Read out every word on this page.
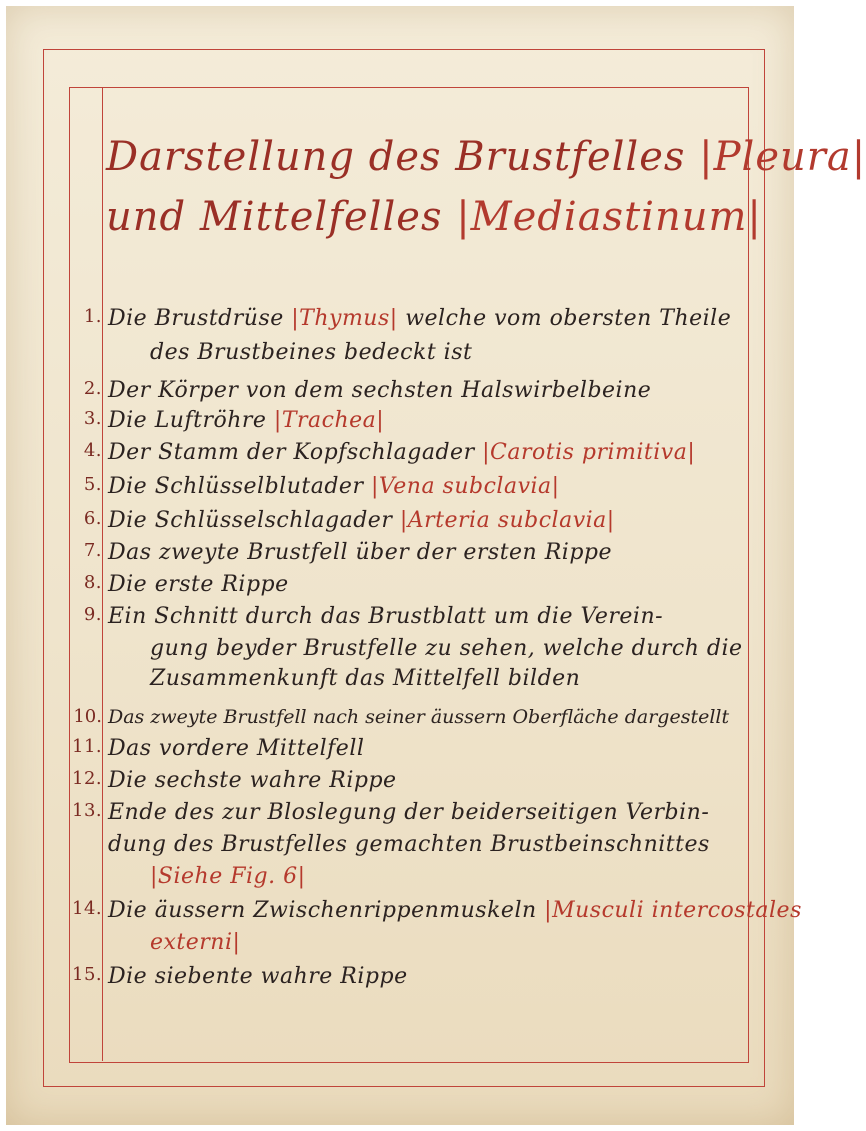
Darstellung des Brustfelles |Pleura|
und Mittelfelles |Mediastinum|
1. Die Brustdrüse |Thymus| welche vom obersten Theile
des Brustbeines bedeckt ist
2. Der Körper von dem sechsten Halswirbelbeine
3. Die Luftröhre |Trachea|
4. Der Stamm der Kopfschlagader |Carotis primitiva|
5. Die Schlüsselblutader |Vena subclavia|
6. Die Schlüsselschlagader |Arteria subclavia|
7. Das zweyte Brustfell über der ersten Rippe
8. Die erste Rippe
9. Ein Schnitt durch das Brustblatt um die Verein-
gung beyder Brustfelle zu sehen, welche durch die
Zusammenkunft das Mittelfell bilden
10. Das zweyte Brustfell nach seiner äussern Oberfläche dargestellt
11. Das vordere Mittelfell
12. Die sechste wahre Rippe
13. Ende des zur Bloslegung der beiderseitigen Verbin-
dung des Brustfelles gemachten Brustbeinschnittes
|Siehe Fig. 6|
14. Die äussern Zwischenrippenmuskeln |Musculi intercostales
externi|
15. Die siebente wahre Rippe
